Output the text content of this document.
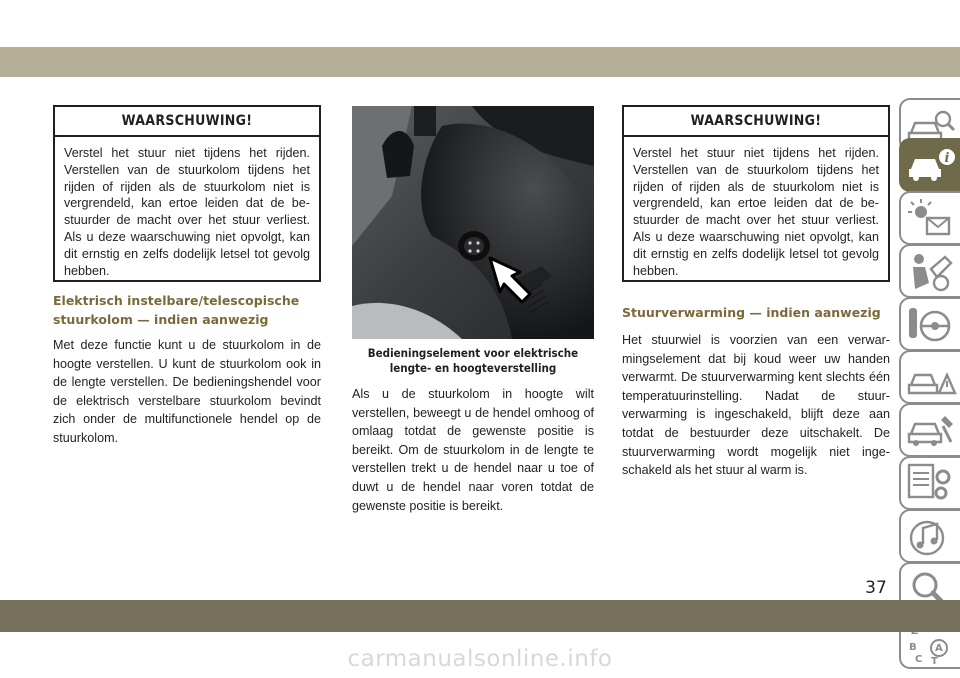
WAARSCHUWING!
Verstel het stuur niet tijdens het rijden. Verstellen van de stuurkolom tijdens het rijden of rijden als de stuurkolom niet is vergrendeld, kan ertoe leiden dat de bestuurder de macht over het stuur verliest. Als u deze waarschuwing niet opvolgt, kan dit ernstig en zelfs dodelijk letsel tot gevolg hebben.
Elektrisch instelbare/telescopische
stuurkolom — indien aanwezig
Met deze functie kunt u de stuurkolom in de hoogte verstellen. U kunt de stuurkolom ook in de lengte verstellen. De bedieningshendel voor de elektrisch verstelbare stuurkolom bevindt zich onder de multifunctionele hendel op de stuurkolom.
Bedieningselement voor elektrische
lengte- en hoogteverstelling
Als u de stuurkolom in hoogte wilt verstellen, beweegt u de hendel omhoog of omlaag totdat de gewenste positie is bereikt. Om de stuurkolom in de lengte te verstellen trekt u de hendel naar u toe of duwt u de hendel naar voren totdat de gewenste positie is bereikt.
WAARSCHUWING!
Verstel het stuur niet tijdens het rijden. Verstellen van de stuurkolom tijdens het rijden of rijden als de stuurkolom niet is vergrendeld, kan ertoe leiden dat de bestuurder de macht over het stuur verliest. Als u deze waarschuwing niet opvolgt, kan dit ernstig en zelfs dodelijk letsel tot gevolg hebben.
Stuurverwarming — indien aanwezig
Het stuurwiel is voorzien van een verwarmingselement dat bij koud weer uw handen verwarmt. De stuurverwarming kent slechts één temperatuurinstelling. Nadat de stuurverwarming is ingeschakeld, blijft deze aan totdat de bestuurder deze uitschakelt. De stuurverwarming wordt mogelijk niet ingeschakeld als het stuur al warm is.
i
B A
C T
37
carmanualsonline.info
